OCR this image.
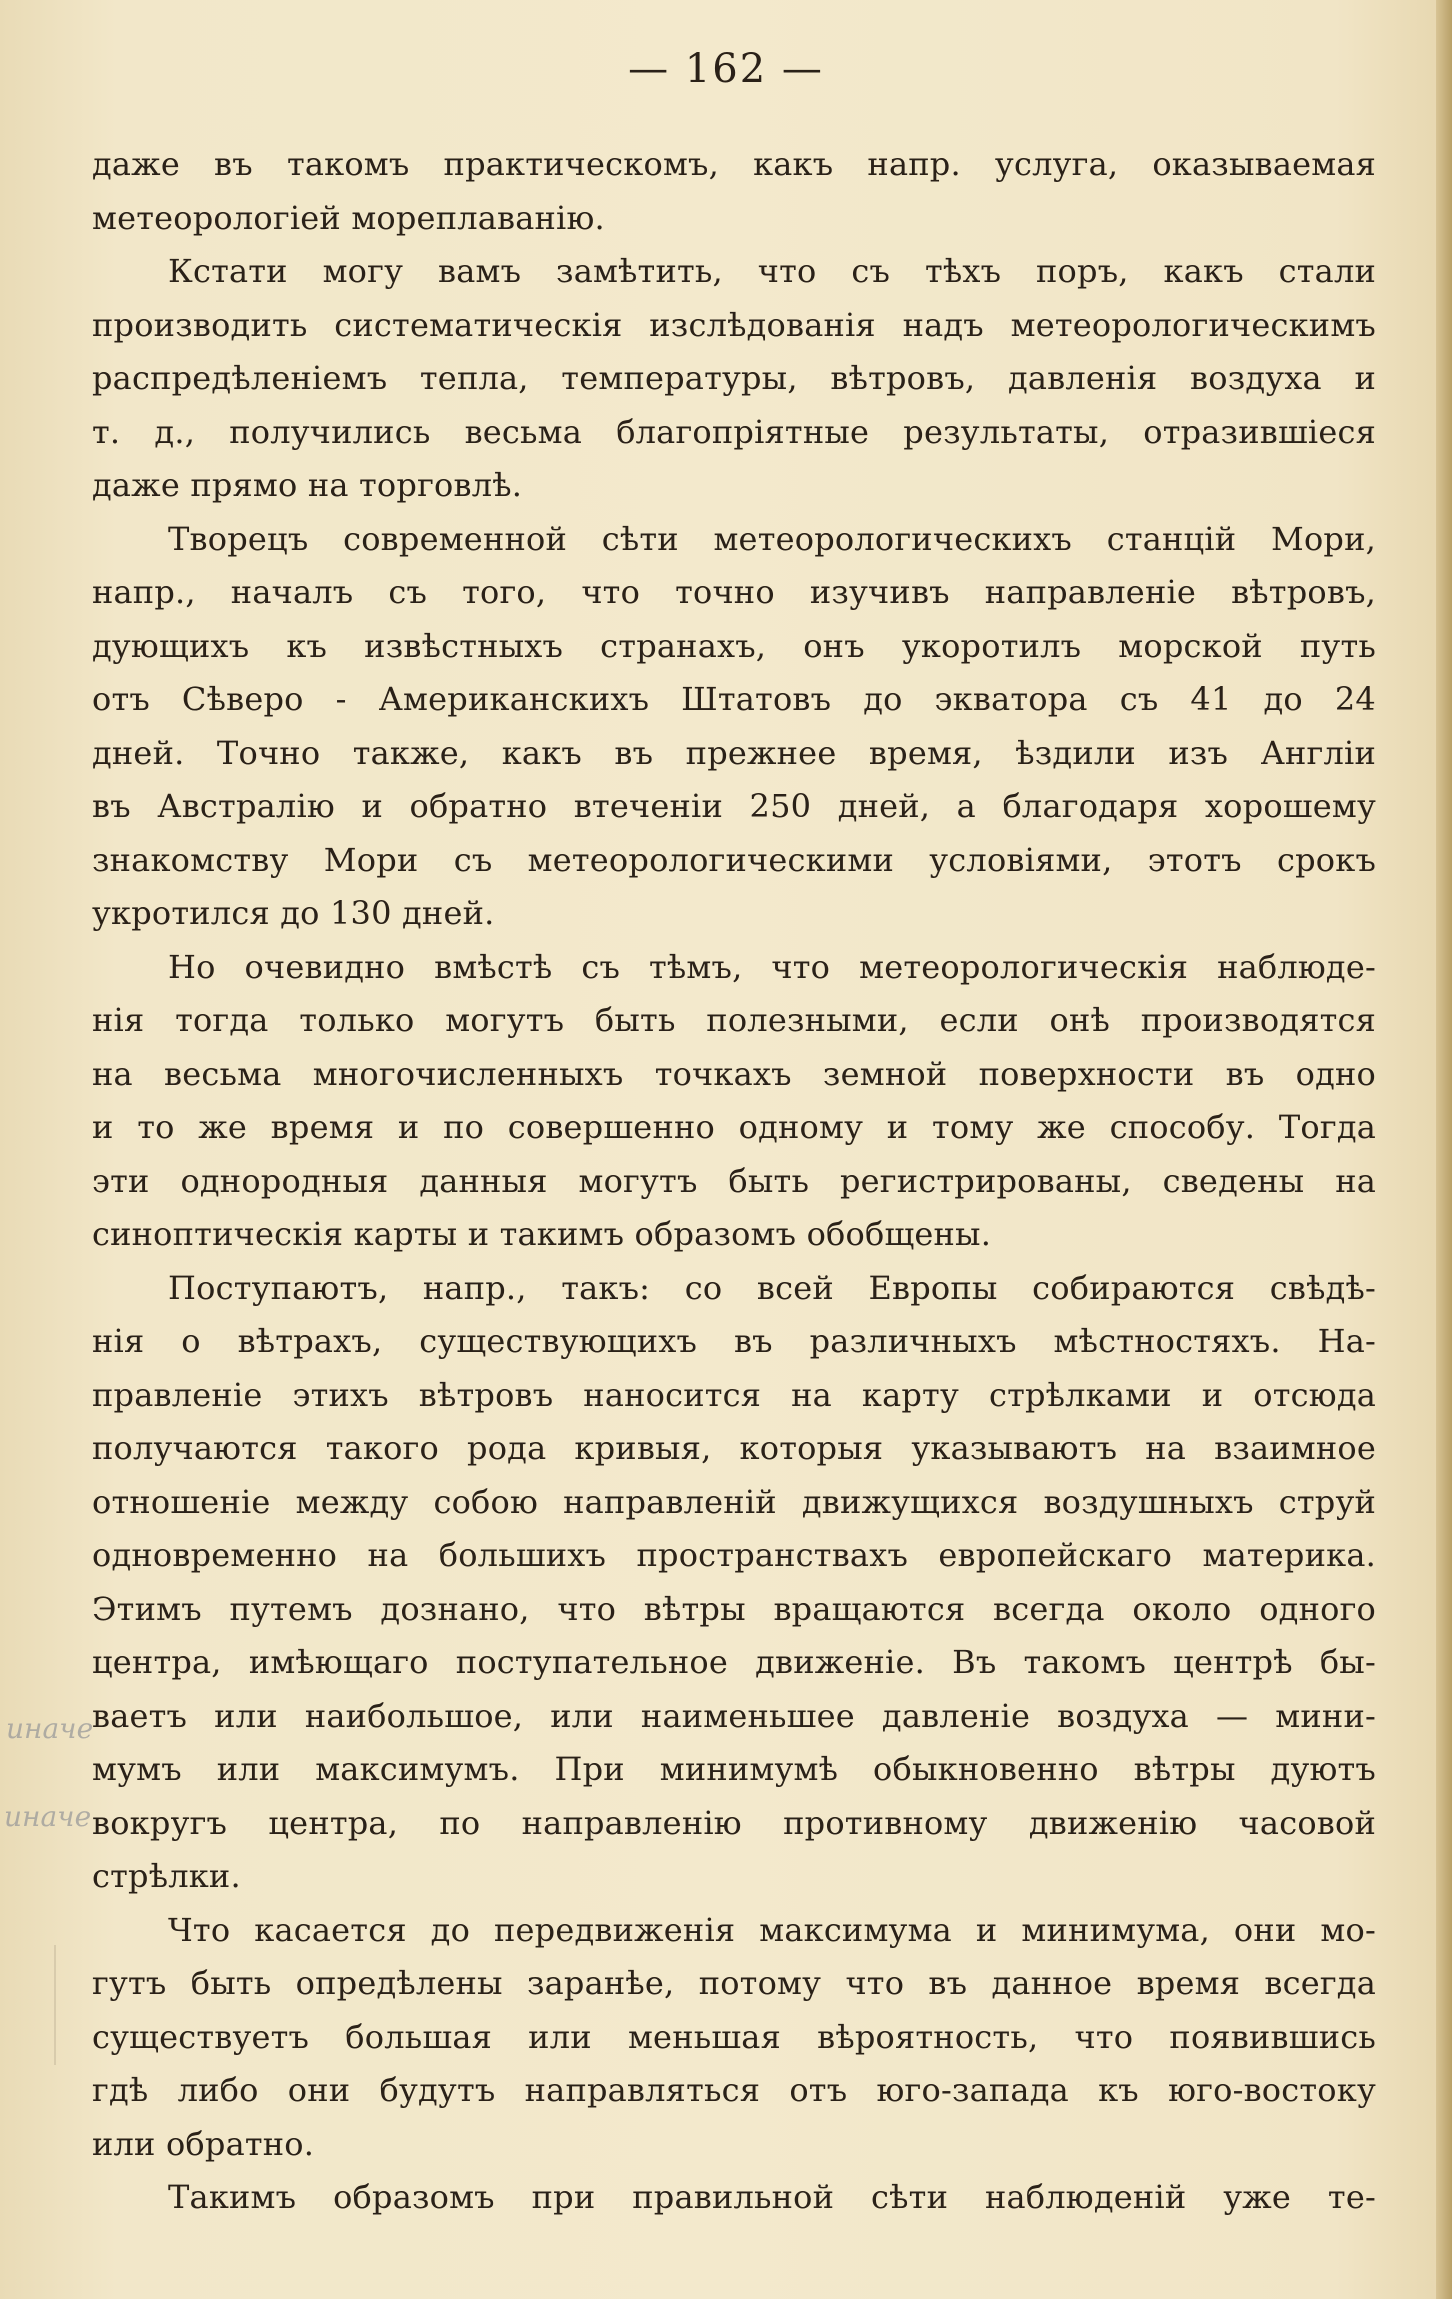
— 162 —
даже въ такомъ практическомъ, какъ напр. услуга, оказываемая
метеорологіей мореплаванію.
Кстати могу вамъ замѣтить, что съ тѣхъ поръ, какъ стали
производить систематическія изслѣдованія надъ метеорологическимъ
распредѣленіемъ тепла, температуры, вѣтровъ, давленія воздуха и
т. д., получились весьма благопріятные результаты, отразившіеся
даже прямо на торговлѣ.
Творецъ современной сѣти метеорологическихъ станцій Мори,
напр., началъ съ того, что точно изучивъ направленіе вѣтровъ,
дующихъ къ извѣстныхъ странахъ, онъ укоротилъ морской путь
отъ Сѣверо - Американскихъ Штатовъ до экватора съ 41 до 24
дней. Точно также, какъ въ прежнее время, ѣздили изъ Англіи
въ Австралію и обратно втеченіи 250 дней, а благодаря хорошему
знакомству Мори съ метеорологическими условіями, этотъ срокъ
укротился до 130 дней.
Но очевидно вмѣстѣ съ тѣмъ, что метеорологическія наблюде-
нія тогда только могутъ быть полезными, если онѣ производятся
на весьма многочисленныхъ точкахъ земной поверхности въ одно
и то же время и по совершенно одному и тому же способу. Тогда
эти однородныя данныя могутъ быть регистрированы, сведены на
синоптическія карты и такимъ образомъ обобщены.
Поступаютъ, напр., такъ: со всей Европы собираются свѣдѣ-
нія о вѣтрахъ, существующихъ въ различныхъ мѣстностяхъ. На-
правленіе этихъ вѣтровъ наносится на карту стрѣлками и отсюда
получаются такого рода кривыя, которыя указываютъ на взаимное
отношеніе между собою направленій движущихся воздушныхъ струй
одновременно на большихъ пространствахъ европейскаго материка.
Этимъ путемъ дознано, что вѣтры вращаются всегда около одного
центра, имѣющаго поступательное движеніе. Въ такомъ центрѣ бы-
ваетъ или наибольшое, или наименьшее давленіе воздуха — мини-
мумъ или максимумъ. При минимумѣ обыкновенно вѣтры дуютъ
вокругъ центра, по направленію противному движенію часовой
стрѣлки.
Что касается до передвиженія максимума и минимума, они мо-
гутъ быть опредѣлены заранѣе, потому что въ данное время всегда
существуетъ большая или меньшая вѣроятность, что появившись
гдѣ либо они будутъ направляться отъ юго-запада къ юго-востоку
или обратно.
Такимъ образомъ при правильной сѣти наблюденій уже те-
иначе
иначе
